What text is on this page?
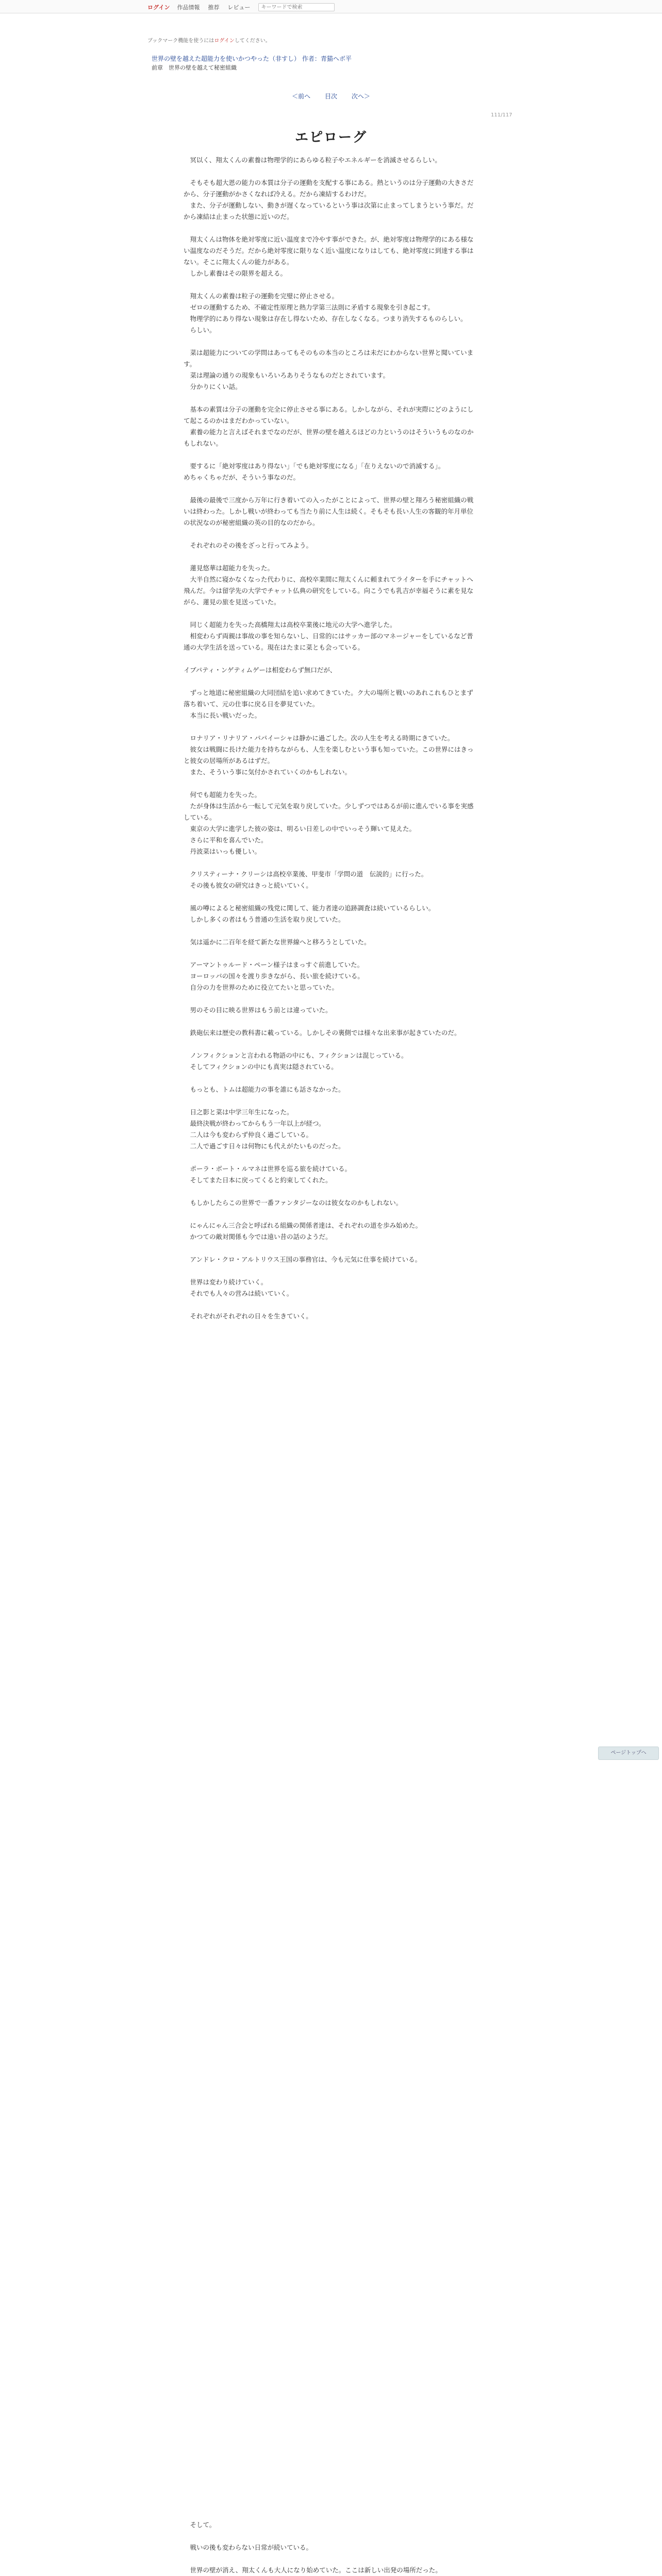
ログイン 作品情報 推荐 レビュー
キーワードで検索
ブックマーク機能を使うにはログインしてください。
世界の壁を越えた超能力を使いかつやった（非すし） 作者：青猫ヘボ平
前章　世界の壁を越えて秘密組織
＜前へ 目次 次へ＞
111/117
エピローグ

　冥以く、翔太くんの素養は物理学的にあらゆる粒子やエネルギーを消滅させるらしい。

　そもそも超大恩の能力の本質は分子の運動を支配する事にある。熱というのは分子運動の大きさだから、分子運動がかさくなれば冷える。だから凍結するわけだ。

　また、分子が運動しない、動きが遅くなっているという事は次第に止まってしまうという事だ。だから凍結は止まった状態に近いのだ。

　翔太くんは物体を絶対零度に近い温度まで冷やす事ができた。が、絶対零度は物理学的にある様ない温度なのだそうだ。だから絶対零度に限りなく近い温度になりはしても、絶対零度に到達する事はない。そこに翔太くんの能力がある。

　しかし素養はその限界を超える。

　翔太くんの素養は粒子の運動を完璧に停止させる。

　ゼロの運動するため、不確定性原理と熱力学第三法則に矛盾する現象を引き起こす。

　物理学的にあり得ない現象は存在し得ないため、存在しなくなる。つまり消失するものらしい。

　らしい。

　菜は超能力についての学問はあってもそのもの本当のところは未だにわからない世界と聞いています。

　菜は理論の通りの現象もいろいろありそうなものだとされています。

　分かりにくい話。

　基本の素質は分子の運動を完全に停止させる事にある。しかしながら、それが実際にどのようにして起こるのかはまだわかっていない。

　素養の能力と言えばそれまでなのだが、世界の壁を越えるほどの力というのはそういうものなのかもしれない。

　要するに「絶対零度はあり得ない」「でも絶対零度になる」「在りえないので消滅する」。

めちゃくちゃだが、そういう事なのだ。

　最後の最後で三度から万年に行き着いての入ったがことによって、世界の壁と翔ろう秘密組織の戦いは終わった。しかし戦いが終わっても当たり前に人生は続く。そもそも長い人生の客観的年月単位の状況なのが秘密組織の英の目的なのだから。

　それぞれのその後をざっと行ってみよう。

　蓮見悠華は超能力を失った。

　大半自然に寝かなくなった代わりに、高校卒業間に翔太くんに頼まれてライターを手にチャットへ飛んだ。今は留学先の大学でチャット仏典の研究をしている。向こうでも乳吉が幸福そうに素を見ながら、蓮見の旅を見送っていた。

　同じく超能力を失った高橋翔太は高校卒業後に地元の大学へ進学した。

　相変わらず両親は事故の事を知らないし、日常的にはサッカー部のマネージャーをしているなど普通の大学生活を送っている。現在はたまに菜とも会っている。

イブパティ・ンゲティムゲーは相変わらず無口だが、

　ずっと地道に秘密組織の大同団結を追い求めてきていた。ク大の場所と戦いのあれこれもひとまず落ち着いて、元の仕事に戻る日を夢見ていた。

　本当に長い戦いだった。

　ロナリア・リナリア・パパイーシャは静かに過ごした。次の人生を考える時期にきていた。

　彼女は戦闘に長けた能力を持ちながらも、人生を楽しむという事も知っていた。この世界にはきっと彼女の居場所があるはずだ。

　また、そういう事に気付かされていくのかもしれない。

　何でも超能力を失った。

　たが身体は生活から一転して元気を取り戻していた。少しずつではあるが前に進んでいる事を実感している。

　東京の大学に進学した彼の姿は、明るい日差しの中でいっそう輝いて見えた。

　さらに平和を喜んでいた。

　丹波菜はいっも優しい。

　クリスティーナ・クリーシは高校卒業後、甲斐市「学問の道　伝説的」に行った。

　その後も彼女の研究はきっと続いていく。

　風の噂によると秘密組織の残党に関して、能力者達の追跡調査は続いているらしい。

　しかし多くの者はもう普通の生活を取り戻していた。

　気は遥かに二百年を経て新たな世界線へと移ろうとしていた。

　アーマントゥルード・ペーン様子はまっすぐ前進していた。

　ヨーロッパの国々を渡り歩きながら、長い旅を続けている。

　自分の力を世界のために役立てたいと思っていた。

　男のその目に映る世界はもう前とは違っていた。

　鉄砲伝来は歴史の教科書に載っている。しかしその裏側では様々な出来事が起きていたのだ。

　ノンフィクションと言われる物語の中にも、フィクションは混じっている。

　そしてフィクションの中にも真実は隠されている。

　もっとも、トムは超能力の事を誰にも話さなかった。

　日之影と菜は中学三年生になった。

　最終決戦が終わってからもう一年以上が経つ。

　二人は今も変わらず仲良く過ごしている。

　二人で過ごす日々は何物にも代えがたいものだった。

　ポーラ・ボート・ルマネは世界を巡る旅を続けている。

　そしてまた日本に戻ってくると約束してくれた。

　もしかしたらこの世界で一番ファンタジーなのは彼女なのかもしれない。

　にゃんにゃん三合会と呼ばれる組織の関係者達は、それぞれの道を歩み始めた。

　かつての敵対関係も今では遠い昔の話のようだ。

　アンドレ・クロ・アルトリウス王国の事務官は、今も元気に仕事を続けている。

　世界は変わり続けていく。

　それでも人々の営みは続いていく。

　それぞれがそれぞれの日々を生きていく。

　そして。

　戦いの後も変わらない日常が続いている。

　世界の壁が消え、翔太くんも大人になり始めていた。ここは新しい出発の場所だった。

ページトップへ
